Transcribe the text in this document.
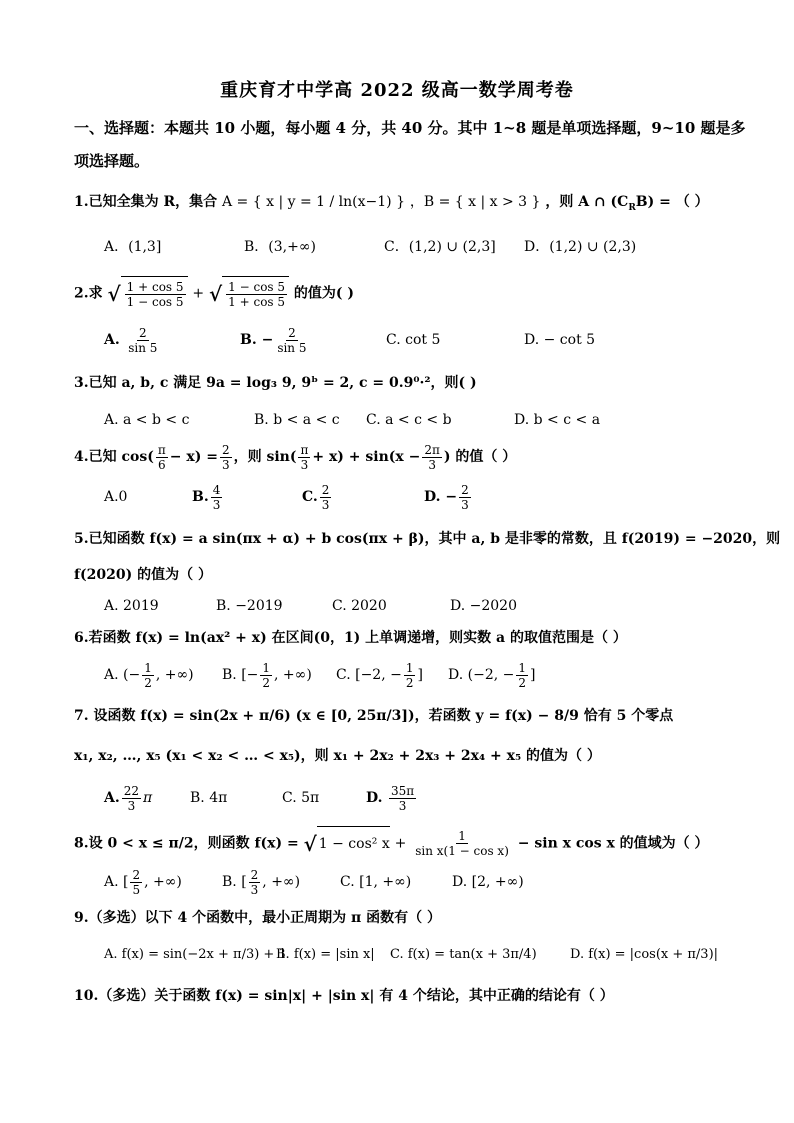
重庆育才中学高 2022 级高一数学周考卷
一、选择题：本题共 10 小题，每小题 4 分，共 40 分。其中 1~8 题是单项选择题，9~10 题是多项选择题。
1.已知全集为 R，集合 A = { x | y = 1 / ln(x−1) } ，B = { x | x > 3 } ，则 A ∩ $(C_RB)$ = （ ）
A．(1,3]	B．(3,+∞)	C．(1,2) ∪ (2,3] D．(1,2) ∪ (2,3)
2.求 √ $\frac{1 + \cos 5}{1 - \cos 5}$ + √ $\frac{1 - \cos 5}{1 + \cos 5}$ 的值为( )
A.
$\frac{2}{\sin 5}$	B. − $\frac{2}{\sin 5}$	C. cot 5	D. − cot 5
3.已知 a, b, c 满足 9a = log₃ 9, 9ᵇ = 2, c = 0.9⁰·²，则( )
A. a < b < c	B. b < a < c C. a < c < b	D. b < c < a
4.已知 $\cos( \frac{\pi}{6} - x) = \frac{2}{3}$ ，则 $\sin( \frac{\pi}{3} + x) + \sin(x - \frac{2\pi}{3}$ ) 的值（ ）
A.0	B. $\frac{4}{3}$	C. $\frac{2}{3}$	D. − $\frac{2}{3}$
5.已知函数 f(x) = a sin(πx + α) + b cos(πx + β)，其中 a, b 是非零的常数，且 f(2019) = −2020，则
f(2020) 的值为（ ）
A. 2019	B. −2019	C. 2020	D. −2020
6.若函数 f(x) = ln(ax² + x) 在区间(0，1) 上单调递增，则实数 a 的取值范围是（ ）
A. (− $\frac{1}{2}$ , +∞) B. [− $\frac{1}{2}$ , +∞) C. [−2, − $\frac{1}{2}$ ] D. (−2, − $\frac{1}{2}$ ]
7. 设函数 f(x) = sin(2x + π/6) (x ∈ [0, 25π/3])，若函数 y = f(x) − 8/9 恰有 5 个零点
x₁, x₂, …, x₅ (x₁ < x₂ < … < x₅)，则 x₁ + 2x₂ + 2x₃ + 2x₄ + x₅ 的值为（ ）
A. $\frac{22}{3}$ π	B. 4π	C. 5π	D.
$\frac{35\pi}{3}$
8.设 0 < x ≤ π/2，则函数 f(x) = √ 1 − cos² $x + \frac{1}{\text{sin x(1 − cos x)}} - \sin x$ cos x 的值域为（ ）
A. [ $\frac{2}{5}$ , +∞)	B. [ $\frac{2}{3}$ , +∞)	C. [1, +∞)	D. [2, +∞)
9.（多选）以下 4 个函数中，最小正周期为 π 函数有（ ）
A. f(x) = sin(−2x + π/3) + 1
B. f(x) = |sin x| C. f(x) = tan(x + 3π/4)	D. f(x) = |cos(x + π/3)|
10.（多选）关于函数 f(x) = sin|x| + |sin x| 有 4 个结论，其中正确的结论有（ ）
